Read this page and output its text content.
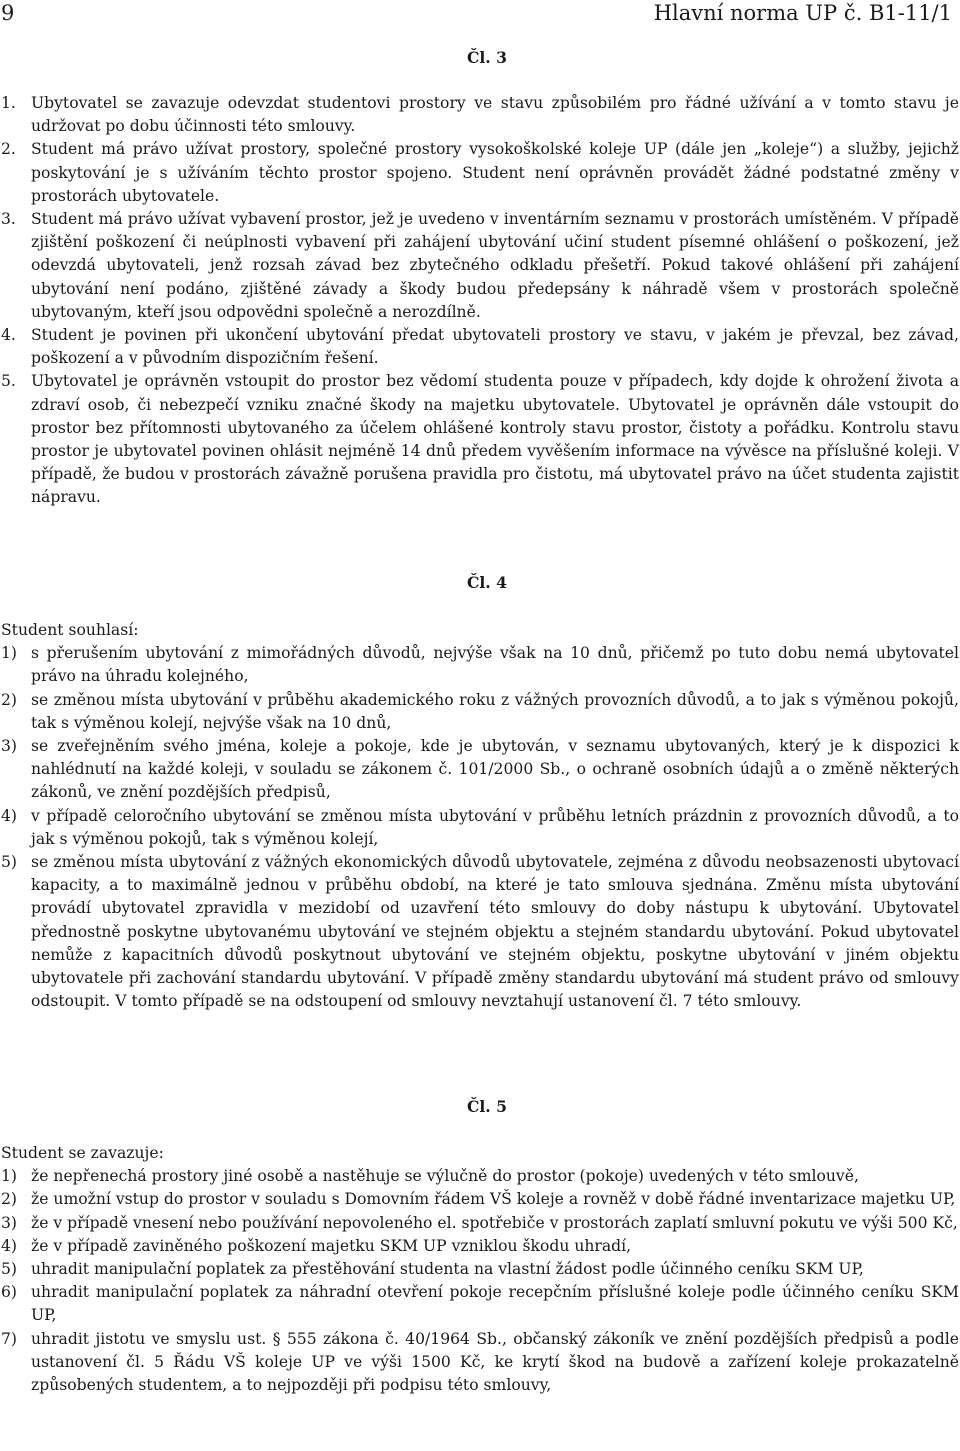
9	Hlavní norma UP č. B1-11/1

Čl. 3

1. Ubytovatel se zavazuje odevzdat studentovi prostory ve stavu způsobilém pro řádné užívání a v tomto stavu je udržovat po dobu účinnosti této smlouvy.

2. Student má právo užívat prostory, společné prostory vysokoškolské koleje UP (dále jen „koleje“) a služby, jejichž poskytování je s užíváním těchto prostor spojeno. Student není oprávněn provádět žádné podstatné změny v prostorách ubytovatele.

3. Student má právo užívat vybavení prostor, jež je uvedeno v inventárním seznamu v prostorách umístěném. V případě zjištění poškození či neúplnosti vybavení při zahájení ubytování učiní student písemné ohlášení o poškození, jež odevzdá ubytovateli, jenž rozsah závad bez zbytečného odkladu přešetří. Pokud takové ohlášení při zahájení ubytování není podáno, zjištěné závady a škody budou předepsány k náhradě všem v prostorách společně ubytovaným, kteří jsou odpovědni společně a nerozdílně.

4. Student je povinen při ukončení ubytování předat ubytovateli prostory ve stavu, v jakém je převzal, bez závad, poškození a v původním dispozičním řešení.

5. Ubytovatel je oprávněn vstoupit do prostor bez vědomí studenta pouze v případech, kdy dojde k ohrožení života a zdraví osob, či nebezpečí vzniku značné škody na majetku ubytovatele. Ubytovatel je oprávněn dále vstoupit do prostor bez přítomnosti ubytovaného za účelem ohlášené kontroly stavu prostor, čistoty a pořádku. Kontrolu stavu prostor je ubytovatel povinen ohlásit nejméně 14 dnů předem vyvěšením informace na vývěsce na příslušné koleji. V případě, že budou v prostorách závažně porušena pravidla pro čistotu, má ubytovatel právo na účet studenta zajistit nápravu.

Čl. 4

Student souhlasí:

1) s přerušením ubytování z mimořádných důvodů, nejvýše však na 10 dnů, přičemž po tuto dobu nemá ubytovatel právo na úhradu kolejného,

2) se změnou místa ubytování v průběhu akademického roku z vážných provozních důvodů, a to jak s výměnou pokojů, tak s výměnou kolejí, nejvýše však na 10 dnů,

3) se zveřejněním svého jména, koleje a pokoje, kde je ubytován, v seznamu ubytovaných, který je k dispozici k nahlédnutí na každé koleji, v souladu se zákonem č. 101/2000 Sb., o ochraně osobních údajů a o změně některých zákonů, ve znění pozdějších předpisů,

4) v případě celoročního ubytování se změnou místa ubytování v průběhu letních prázdnin z provozních důvodů, a to jak s výměnou pokojů, tak s výměnou kolejí,

5) se změnou místa ubytování z vážných ekonomických důvodů ubytovatele, zejména z důvodu neobsazenosti ubytovací kapacity, a to maximálně jednou v průběhu období, na které je tato smlouva sjednána. Změnu místa ubytování provádí ubytovatel zpravidla v mezidobí od uzavření této smlouvy do doby nástupu k ubytování. Ubytovatel přednostně poskytne ubytovanému ubytování ve stejném objektu a stejném standardu ubytování. Pokud ubytovatel nemůže z kapacitních důvodů poskytnout ubytování ve stejném objektu, poskytne ubytování v jiném objektu ubytovatele při zachování standardu ubytování. V případě změny standardu ubytování má student právo od smlouvy odstoupit. V tomto případě se na odstoupení od smlouvy nevztahují ustanovení čl. 7 této smlouvy.

Čl. 5

Student se zavazuje:

1) že nepřenechá prostory jiné osobě a nastěhuje se výlučně do prostor (pokoje) uvedených v této smlouvě,

2) že umožní vstup do prostor v souladu s Domovním řádem VŠ koleje a rovněž v době řádné inventarizace majetku UP,

3) že v případě vnesení nebo používání nepovoleného el. spotřebiče v prostorách zaplatí smluvní pokutu ve výši 500 Kč,

4) že v případě zaviněného poškození majetku SKM UP vzniklou škodu uhradí,

5) uhradit manipulační poplatek za přestěhování studenta na vlastní žádost podle účinného ceníku SKM UP,

6) uhradit manipulační poplatek za náhradní otevření pokoje recepčním příslušné koleje podle účinného ceníku SKM UP,

7) uhradit jistotu ve smyslu ust. § 555 zákona č. 40/1964 Sb., občanský zákoník ve znění pozdějších předpisů a podle ustanovení čl. 5 Řádu VŠ koleje UP ve výši 1500 Kč, ke krytí škod na budově a zařízení koleje prokazatelně způsobených studentem, a to nejpozději při podpisu této smlouvy,
